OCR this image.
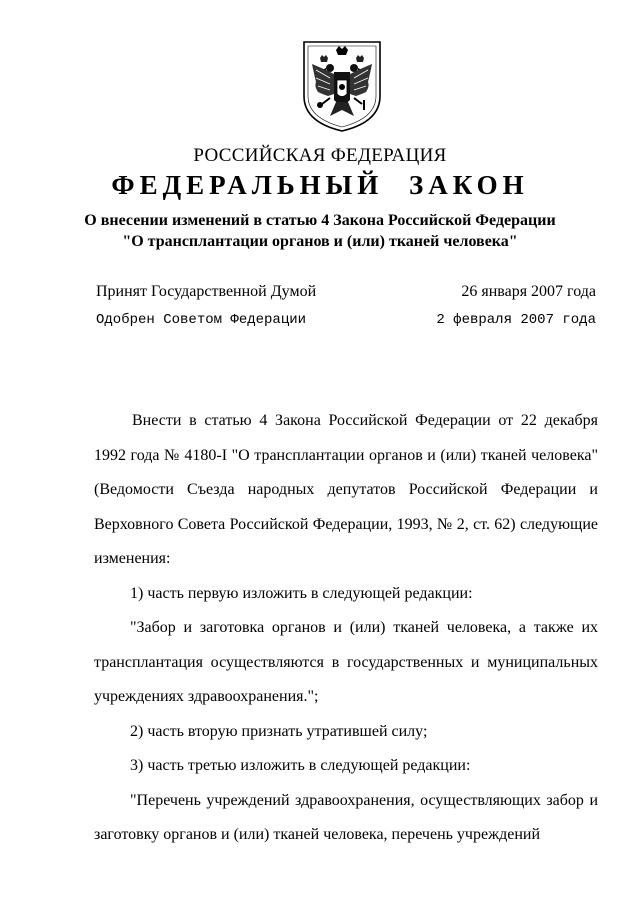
РОССИЙСКАЯ ФЕДЕРАЦИЯ
ФЕДЕРАЛЬНЫЙ ЗАКОН
О внесении изменений в статью 4 Закона Российской Федерации
"О трансплантации органов и (или) тканей человека"
Принят Государственной Думой	26 января 2007 года
Одобрен Советом Федерации	2 февраля 2007 года

Внести в статью 4 Закона Российской Федерации от 22 декабря 1992 года № 4180-I "О трансплантации органов и (или) тканей человека" (Ведомости Съезда народных депутатов Российской Федерации и Верховного Совета Российской Федерации, 1993, № 2, ст. 62) следующие изменения:

1) часть первую изложить в следующей редакции:

"Забор и заготовка органов и (или) тканей человека, а также их трансплантация осуществляются в государственных и муниципальных учреждениях здравоохранения.";

2) часть вторую признать утратившей силу;

3) часть третью изложить в следующей редакции:

"Перечень учреждений здравоохранения, осуществляющих забор и заготовку органов и (или) тканей человека, перечень учреждений
